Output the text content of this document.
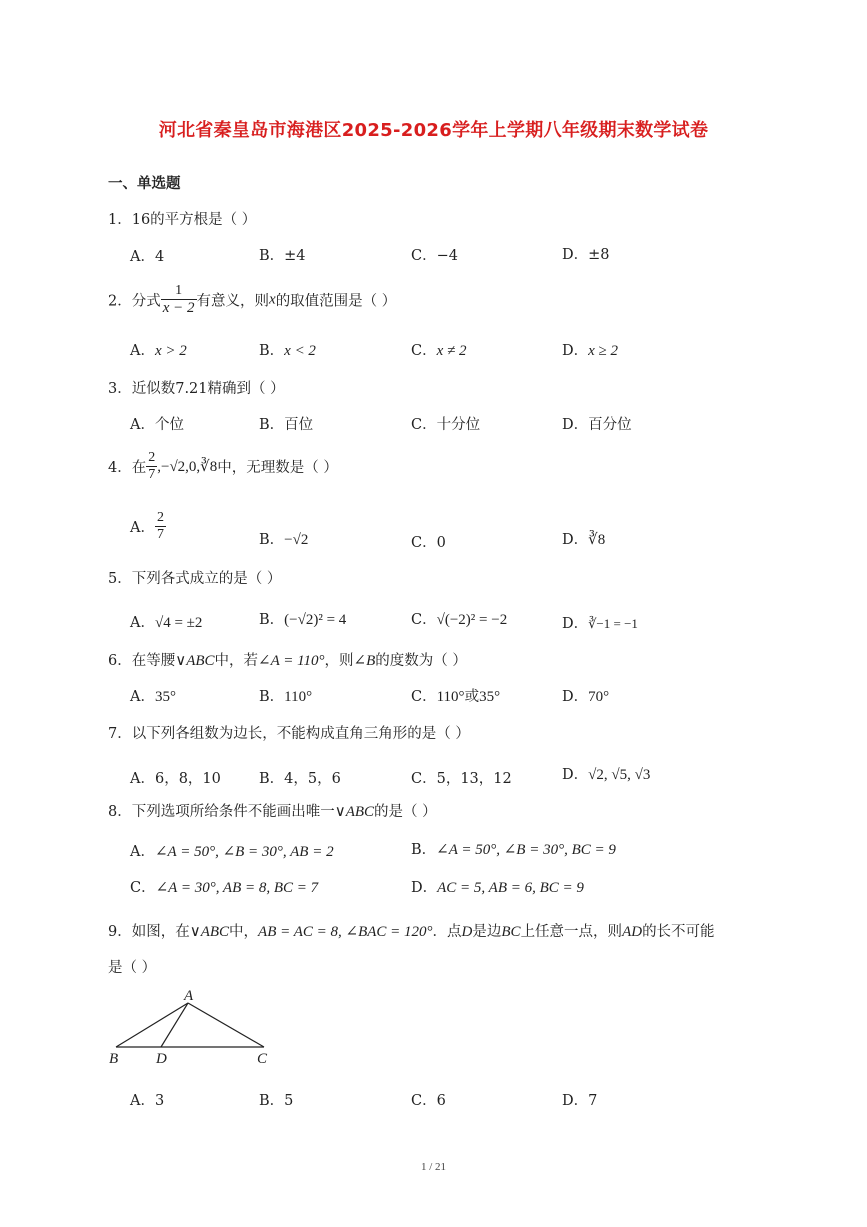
河北省秦皇岛市海港区2025-2026学年上学期八年级期末数学试卷
一、单选题
1．16的平方根是（ ）
A．4	B．±4	C．−4	D．±8
2．分式 $\frac{1}{x - 2}$ 有意义，则x的取值范围是（ ）
A．x > 2	B．x < 2	C．x ≠ 2	D．x ≥ 2
3．近似数7.21精确到（ ）
A．个位	B．百位	C．十分位	D．百分位
4．在 $\frac{2}{7}$ ,−√2,0,∛8中，无理数是（ ）
A． $\frac{2}{7}$	B．−√2	C．0	D．∛8
5．下列各式成立的是（ ）
A．√4 = ±2	B．(−√2)² = 4	C．√(−2)² = −2	D．∛−1 = −1
6．在等腰∨ABC中，若∠A = 110°，则∠B的度数为（ ）
A．35°	B．110°	C．110°或35°	D．70°
7．以下列各组数为边长，不能构成直角三角形的是（ ）
A．6，8，10	B．4，5，6	C．5，13，12	D．√2, √5, √3
8．下列选项所给条件不能画出唯一∨ABC的是（ ）
A．∠A = 50°, ∠B = 30°, AB = 2	B．∠A = 50°, ∠B = 30°, BC = 9
C．∠A = 30°, AB = 8, BC = 7	D．AC = 5, AB = 6, BC = 9
9．如图，在∨ABC中，AB = AC = 8, ∠BAC = 120°．点D是边BC上任意一点，则AD的长不可能
是（ ）
A
B	D	C
A．3	B．5	C．6	D．7
1 / 21
